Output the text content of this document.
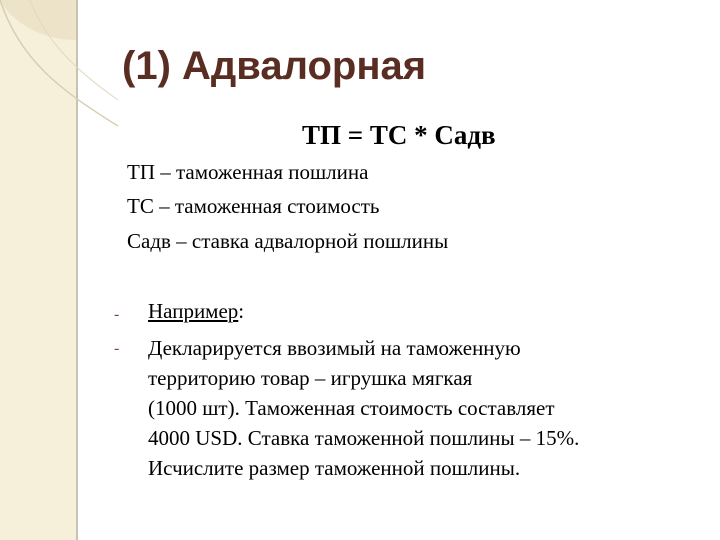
(1) Адвалорная
ТП = ТС * Садв
ТП – таможенная пошлина
ТС – таможенная стоимость
Садв – ставка адвалорной пошлины
-
-
Например:
Декларируется ввозимый на таможенную
территорию товар – игрушка мягкая
(1000 шт). Таможенная стоимость составляет
4000 USD. Ставка таможенной пошлины – 15%.
Исчислите размер таможенной пошлины.
